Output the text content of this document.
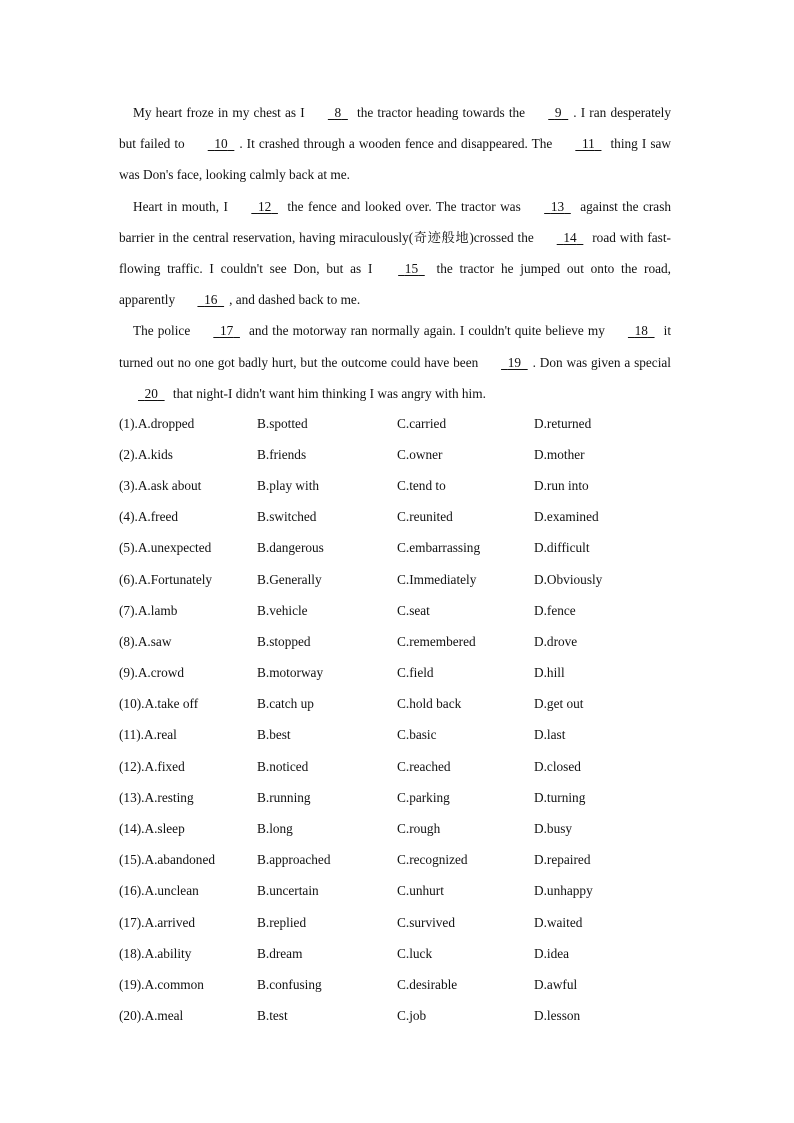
My heart froze in my chest as I 8 the tractor heading towards the 9 . I ran desperately but failed to 10 . It crashed through a wooden fence and disappeared. The 11 thing I saw was Don's face, looking calmly back at me.

Heart in mouth, I 12 the fence and looked over. The tractor was 13 against the crash barrier in the central reservation, having miraculously(奇迹般地)crossed the 14 road with fast-flowing traffic. I couldn't see Don, but as I 15 the tractor he jumped out onto the road, apparently 16 , and dashed back to me.

The police 17 and the motorway ran normally again. I couldn't quite believe my 18 it turned out no one got badly hurt, but the outcome could have been 19 . Don was given a special 20 that night-I didn't want him thinking I was angry with him.

(1).A.dropped	B.spotted	C.carried	D.returned
(2).A.kids	B.friends	C.owner	D.mother
(3).A.ask about	B.play with	C.tend to	D.run into
(4).A.freed	B.switched	C.reunited	D.examined
(5).A.unexpected	B.dangerous	C.embarrassing	D.difficult
(6).A.Fortunately	B.Generally	C.Immediately	D.Obviously
(7).A.lamb	B.vehicle	C.seat	D.fence
(8).A.saw	B.stopped	C.remembered	D.drove
(9).A.crowd	B.motorway	C.field	D.hill
(10).A.take off	B.catch up	C.hold back	D.get out
(11).A.real	B.best	C.basic	D.last
(12).A.fixed	B.noticed	C.reached	D.closed
(13).A.resting	B.running	C.parking	D.turning
(14).A.sleep	B.long	C.rough	D.busy
(15).A.abandoned	B.approached	C.recognized	D.repaired
(16).A.unclean	B.uncertain	C.unhurt	D.unhappy
(17).A.arrived	B.replied	C.survived	D.waited
(18).A.ability	B.dream	C.luck	D.idea
(19).A.common	B.confusing	C.desirable	D.awful
(20).A.meal	B.test	C.job	D.lesson
